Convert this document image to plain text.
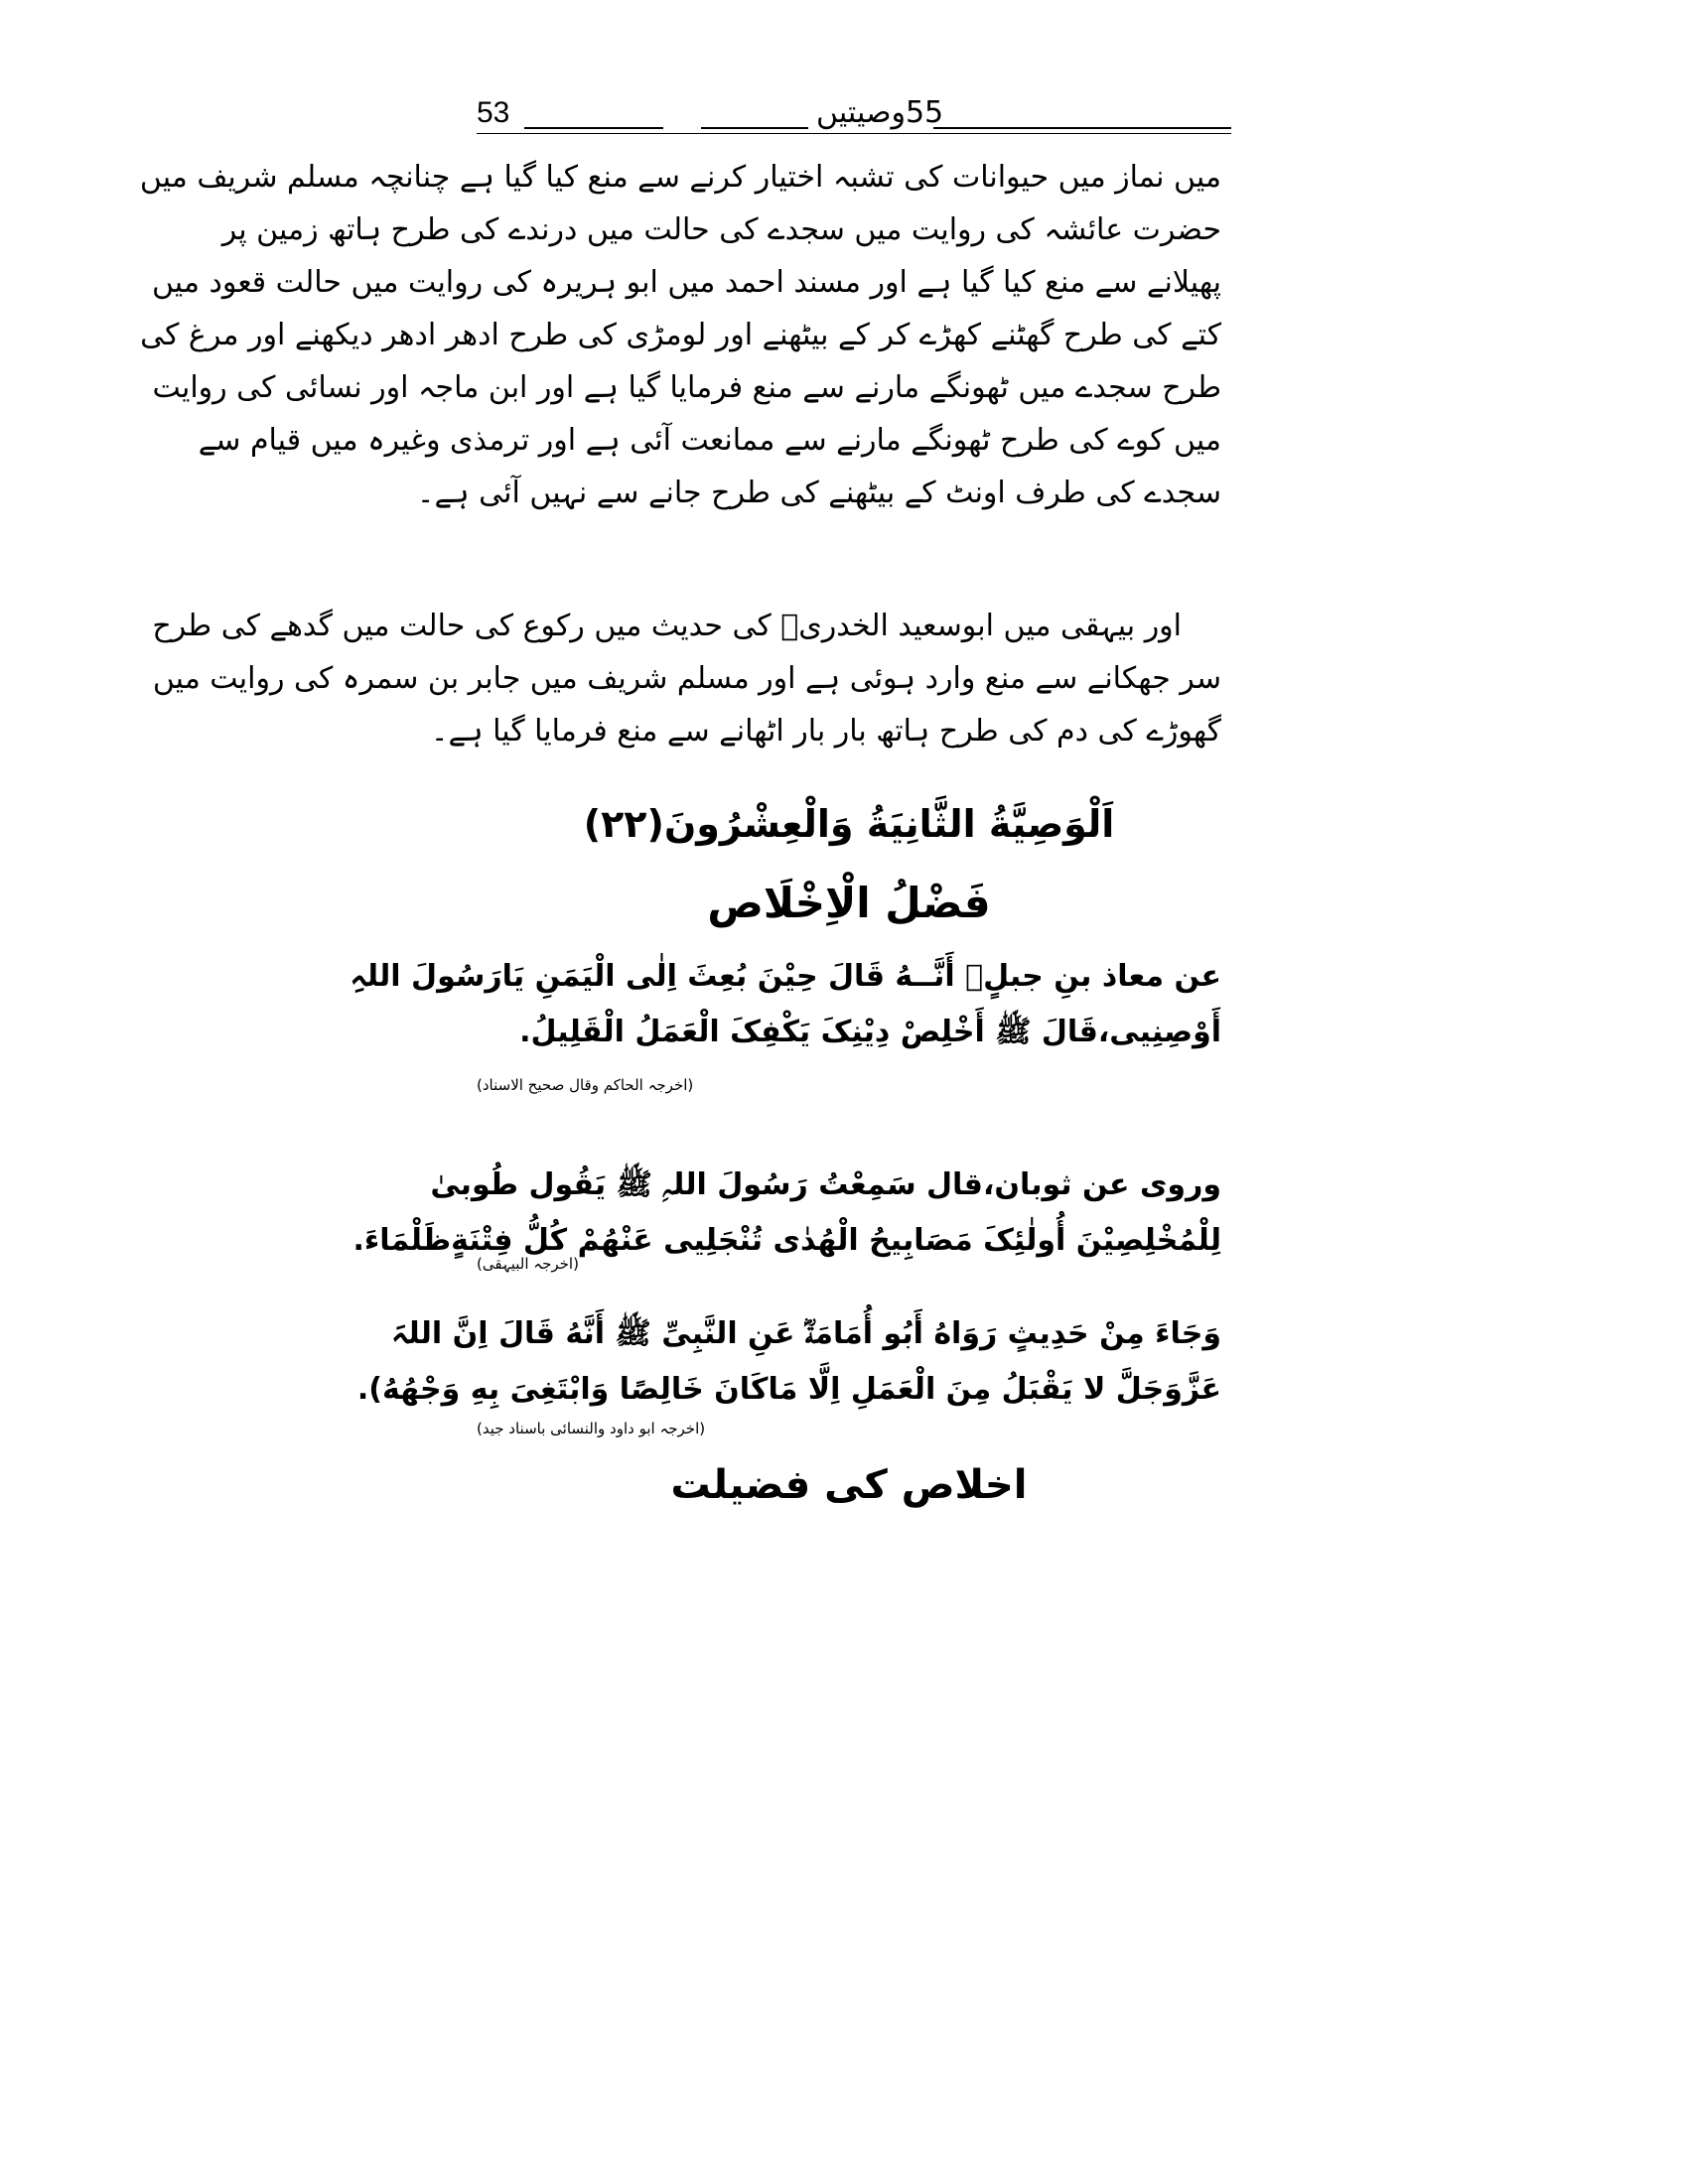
53	55وصیتیں
میں نماز میں حیوانات کی تشبہ اختیار کرنے سے منع کیا گیا ہے چنانچہ مسلم شریف میں
حضرت عائشہ کی روایت میں سجدے کی حالت میں درندے کی طرح ہاتھ زمین پر
پھیلانے سے منع کیا گیا ہے اور مسند احمد میں ابو ہریرہ کی روایت میں حالت قعود میں
کتے کی طرح گھٹنے کھڑے کر کے بیٹھنے اور لومڑی کی طرح ادھر ادھر دیکھنے اور مرغ کی
طرح سجدے میں ٹھونگے مارنے سے منع فرمایا گیا ہے اور ابن ماجہ اور نسائی کی روایت
میں کوے کی طرح ٹھونگے مارنے سے ممانعت آئی ہے اور ترمذی وغیرہ میں قیام سے
سجدے کی طرف اونٹ کے بیٹھنے کی طرح جانے سے نہیں آئی ہے۔
اور بیہقی میں ابوسعید الخدریؓ کی حدیث میں رکوع کی حالت میں گدھے کی طرح
سر جھکانے سے منع وارد ہوئی ہے اور مسلم شریف میں جابر بن سمرہ کی روایت میں
گھوڑے کی دم کی طرح ہاتھ بار بار اٹھانے سے منع فرمایا گیا ہے۔
اَلْوَصِیَّةُ الثَّانِیَةُ وَالْعِشْرُونَ(۲۲)
فَضْلُ الْاِخْلَاص
عن معاذ بنِ جبلٍؓ أَنَّــهُ قَالَ حِیْنَ بُعِثَ اِلٰی الْیَمَنِ یَارَسُولَ اللہِ
أَوْصِنِیی،قَالَ ﷺ أَخْلِصْ دِیْنِکَ یَکْفِکَ الْعَمَلُ الْقَلِیلُ.
(اخرجہ الحاکم وقال صحیح الاسناد)
وروی عن ثوبان،قال سَمِعْتُ رَسُولَ اللہِ ﷺ یَقُول طُوبیٰ
لِلْمُخْلِصِیْنَ أُولٰئِکَ مَصَابِیحُ الْهُدٰی تُنْجَلِیی عَنْهُمْ کُلُّ فِتْنَةٍظَلْمَاءَ.
(اخرجہ البیہقی)
وَجَاءَ مِنْ حَدِیثٍ رَوَاهُ أَبُو أُمَامَةؓ عَنِ النَّبِیِّ ﷺ أَنَّهُ قَالَ اِنَّ اللہَ
عَزَّوَجَلَّ لا یَقْبَلُ مِنَ الْعَمَلِ اِلَّا مَاکَانَ خَالِصًا وَابْتَغِیَ بِهِ وَجْهُهُ).
(اخرجہ ابو داود والنسائی باسناد جید)
اخلاص کی فضیلت
